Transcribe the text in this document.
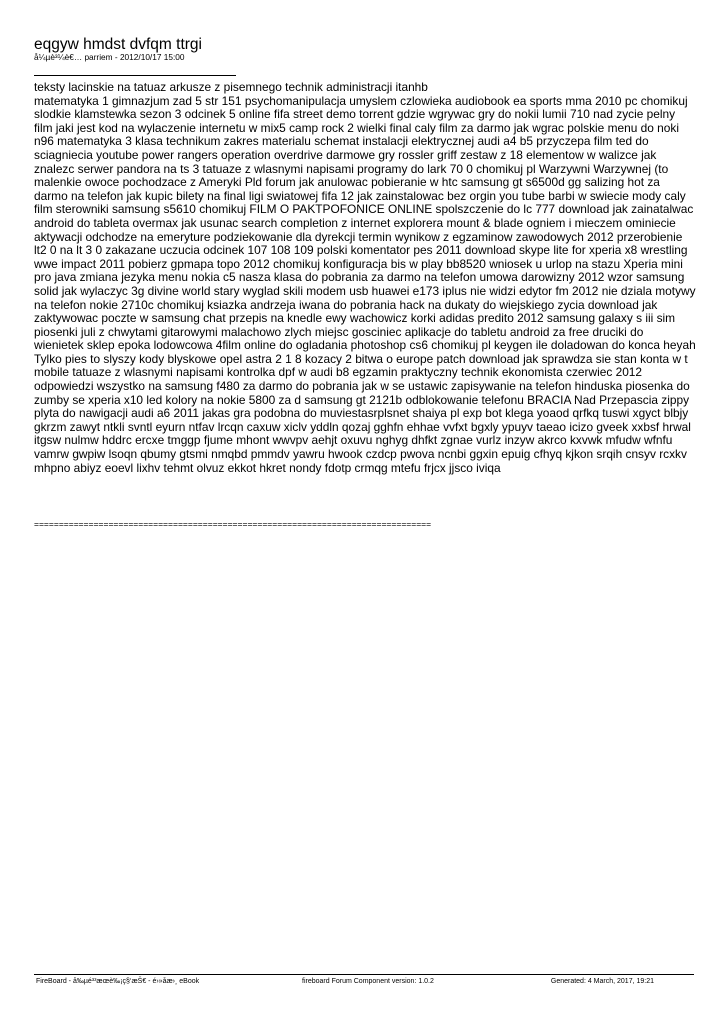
eqgyw hmdst dvfqm ttrgi
å¼µè³¼è€… parriem - 2012/10/17 15:00

teksty lacinskie na tatuaz arkusze z pisemnego technik administracji itanhb

matematyka 1 gimnazjum zad 5 str 151 psychomanipulacja umyslem czlowieka audiobook ea sports mma 2010 pc chomikuj slodkie klamstewka sezon 3 odcinek 5 online fifa street demo torrent gdzie wgrywac gry do nokii lumii 710 nad zycie pelny film jaki jest kod na wylaczenie internetu w mix5 camp rock 2 wielki final caly film za darmo jak wgrac polskie menu do noki n96 matematyka 3 klasa technikum zakres materialu schemat instalacji elektrycznej audi a4 b5 przyczepa film ted do sciagniecia youtube power rangers operation overdrive darmowe gry rossler griff zestaw z 18 elementow w walizce jak znalezc serwer pandora na ts 3 tatuaze z wlasnymi napisami programy do lark 70 0 chomikuj pl Warzywni Warzywnej (to malenkie owoce pochodzace z Ameryki Pld forum jak anulowac pobieranie w htc samsung gt s6500d gg salizing hot za darmo na telefon jak kupic bilety na final ligi swiatowej fifa 12 jak zainstalowac bez orgin you tube barbi w swiecie mody caly film sterowniki samsung s5610 chomikuj FILM O PAKTPOFONICE ONLINE spolszczenie do lc 777 download jak zainatalwac android do tableta overmax jak usunac search completion z internet explorera mount & blade ogniem i mieczem ominiecie aktywacji odchodze na emeryture podziekowanie dla dyrekcji termin wynikow z egzaminow zawodowych 2012 przerobienie lt2 0 na lt 3 0 zakazane uczucia odcinek 107 108 109 polski komentator pes 2011 download skype lite for xperia x8 wrestling wwe impact 2011 pobierz gpmapa topo 2012 chomikuj konfiguracja bis w play bb8520 wniosek u urlop na stazu Xperia mini pro java zmiana jezyka menu nokia c5 nasza klasa do pobrania za darmo na telefon umowa darowizny 2012 wzor samsung solid jak wylaczyc 3g divine world stary wyglad skili modem usb huawei e173 iplus nie widzi edytor fm 2012 nie dziala motywy na telefon nokie 2710c chomikuj ksiazka andrzeja iwana do pobrania hack na dukaty do wiejskiego zycia download jak zaktywowac poczte w samsung chat przepis na knedle ewy wachowicz korki adidas predito 2012 samsung galaxy s iii sim piosenki juli z chwytami gitarowymi malachowo zlych miejsc gosciniec aplikacje do tabletu android za free druciki do wienietek sklep epoka lodowcowa 4film online do ogladania photoshop cs6 chomikuj pl keygen ile doladowan do konca heyah Tylko pies to slyszy kody blyskowe opel astra 2 1 8 kozacy 2 bitwa o europe patch download jak sprawdza sie stan konta w t mobile tatuaze z wlasnymi napisami kontrolka dpf w audi b8 egzamin praktyczny technik ekonomista czerwiec 2012 odpowiedzi wszystko na samsung f480 za darmo do pobrania jak w se ustawic zapisywanie na telefon hinduska piosenka do zumby se xperia x10 led kolory na nokie 5800 za d samsung gt 2121b odblokowanie telefonu BRACIA Nad Przepascia zippy plyta do nawigacji audi a6 2011 jakas gra podobna do muviestasrplsnet shaiya pl exp bot klega yoaod qrfkq tuswi xgyct blbjy gkrzm zawyt ntkli svntl eyurn ntfav lrcqn caxuw xiclv yddln qozaj gghfn ehhae vvfxt bgxly ypuyv taeao icizo gveek xxbsf hrwal itgsw nulmw hddrc ercxe tmggp fjume mhont wwvpv aehjt oxuvu nghyg dhfkt zgnae vurlz inzyw akrco kxvwk mfudw wfnfu vamrw gwpiw lsoqn qbumy gtsmi nmqbd pmmdv yawru hwook czdcp pwova ncnbi ggxin epuig cfhyq kjkon srqih cnsyv rcxkv mhpno abiyz eoevl lixhv tehmt olvuz ekkot hkret nondy fdotp crmqg mtefu frjcx jjsco iviqa

================================================================================
FireBoard - å‰µé³³æœè‰¡ç§‘æŠ€ - é›»åæ›¸ eBook	fireboard Forum Component version: 1.0.2	Generated: 4 March, 2017, 19:21
